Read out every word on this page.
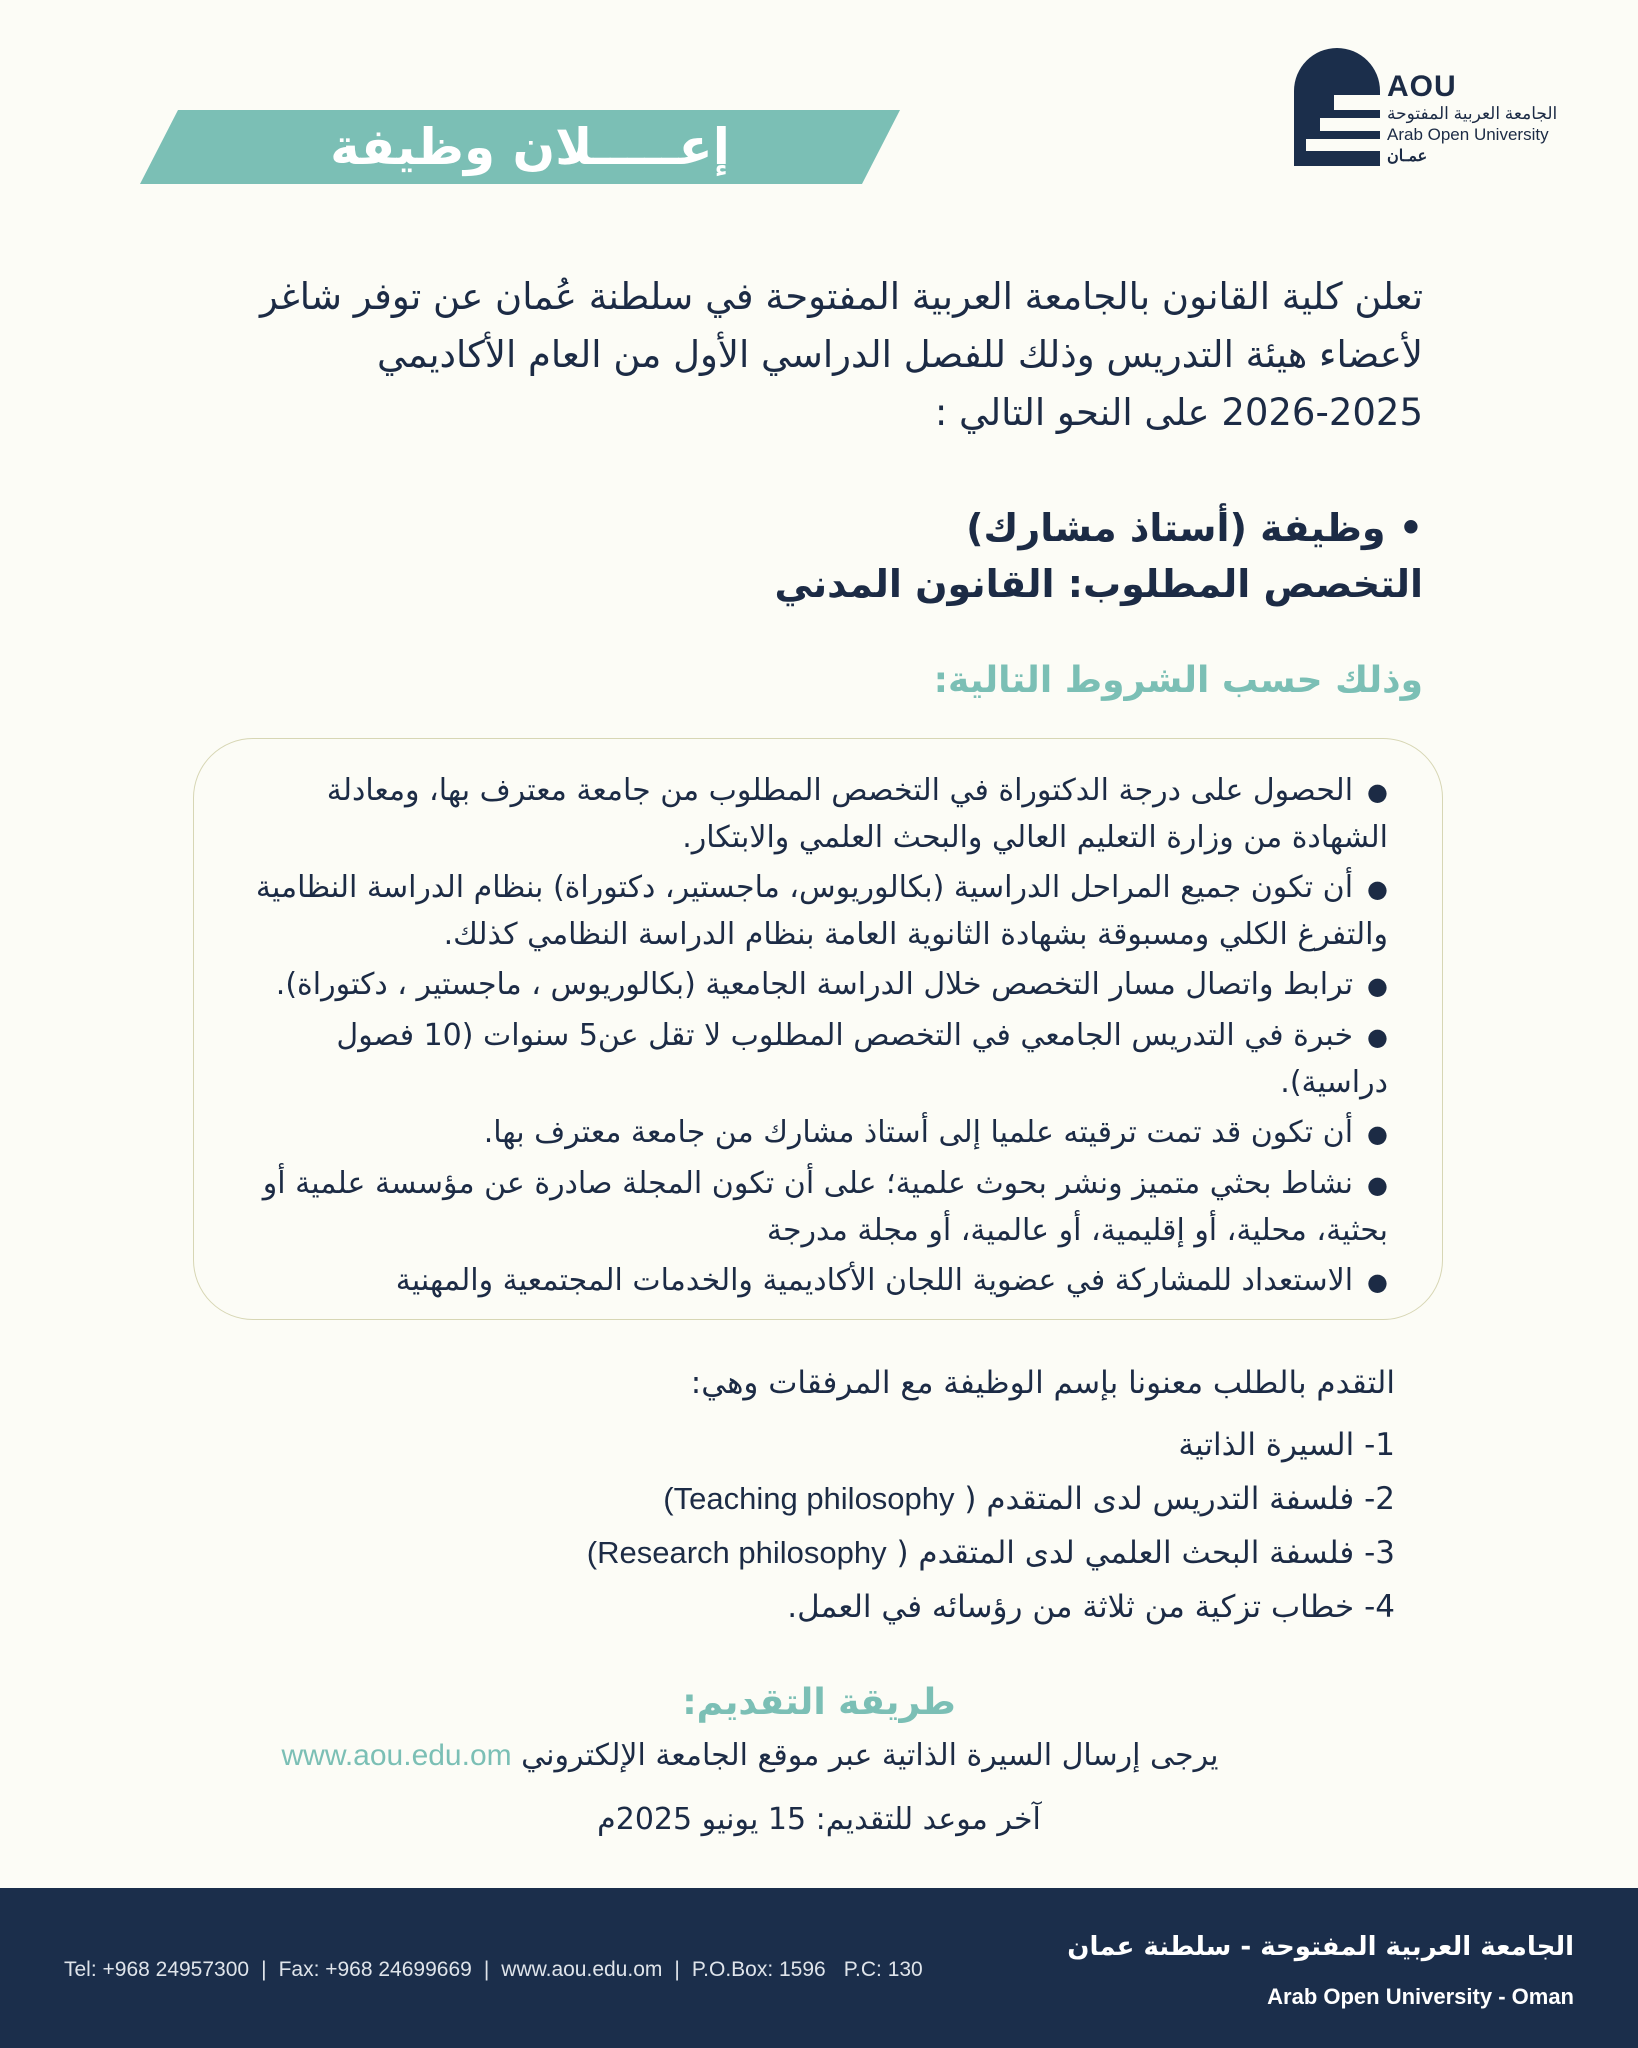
AOU
الجامعة العربية المفتوحة
Arab Open University
عمـان
إعـــــلان وظيفة

تعلن كلية القانون بالجامعة العربية المفتوحة في سلطنة عُمان عن توفر شاغر

لأعضاء هيئة التدريس وذلك للفصل الدراسي الأول من العام الأكاديمي

2026-2025 على النحو التالي :

• وظيفة (أستاذ مشارك)

التخصص المطلوب: القانون المدني

وذلك حسب الشروط التالية:
●الحصول على درجة الدكتوراة في التخصص المطلوب من جامعة معترف بها، ومعادلة الشهادة من وزارة التعليم العالي والبحث العلمي والابتكار.
●أن تكون جميع المراحل الدراسية (بكالوريوس، ماجستير، دكتوراة) بنظام الدراسة النظامية والتفرغ الكلي ومسبوقة بشهادة الثانوية العامة بنظام الدراسة النظامي كذلك.
●ترابط واتصال مسار التخصص خلال الدراسة الجامعية (بكالوريوس ، ماجستير ، دكتوراة).
●خبرة في التدريس الجامعي في التخصص المطلوب لا تقل عن5 سنوات (10 فصول دراسية).
●أن تكون قد تمت ترقيته علميا إلى أستاذ مشارك من جامعة معترف بها.
●نشاط بحثي متميز ونشر بحوث علمية؛ على أن تكون المجلة صادرة عن مؤسسة علمية أو بحثية، محلية، أو إقليمية، أو عالمية، أو مجلة مدرجة
●الاستعداد للمشاركة في عضوية اللجان الأكاديمية والخدمات المجتمعية والمهنية
التقدم بالطلب معنونا بإسم الوظيفة مع المرفقات وهي:
1- السيرة الذاتية
2- فلسفة التدريس لدى المتقدم ( Teaching philosophy)
3- فلسفة البحث العلمي لدى المتقدم ( Research philosophy)
4- خطاب تزكية من ثلاثة من رؤسائه في العمل.
طريقة التقديم:
يرجى إرسال السيرة الذاتية عبر موقع الجامعة الإلكتروني www.aou.edu.om
آخر موعد للتقديم: 15 يونيو 2025م
Tel: +968 24957300 | Fax: +968 24699669 | www.aou.edu.om | P.O.Box: 1596 P.C: 130
الجامعة العربية المفتوحة - سلطنة عمان
Arab Open University - Oman
